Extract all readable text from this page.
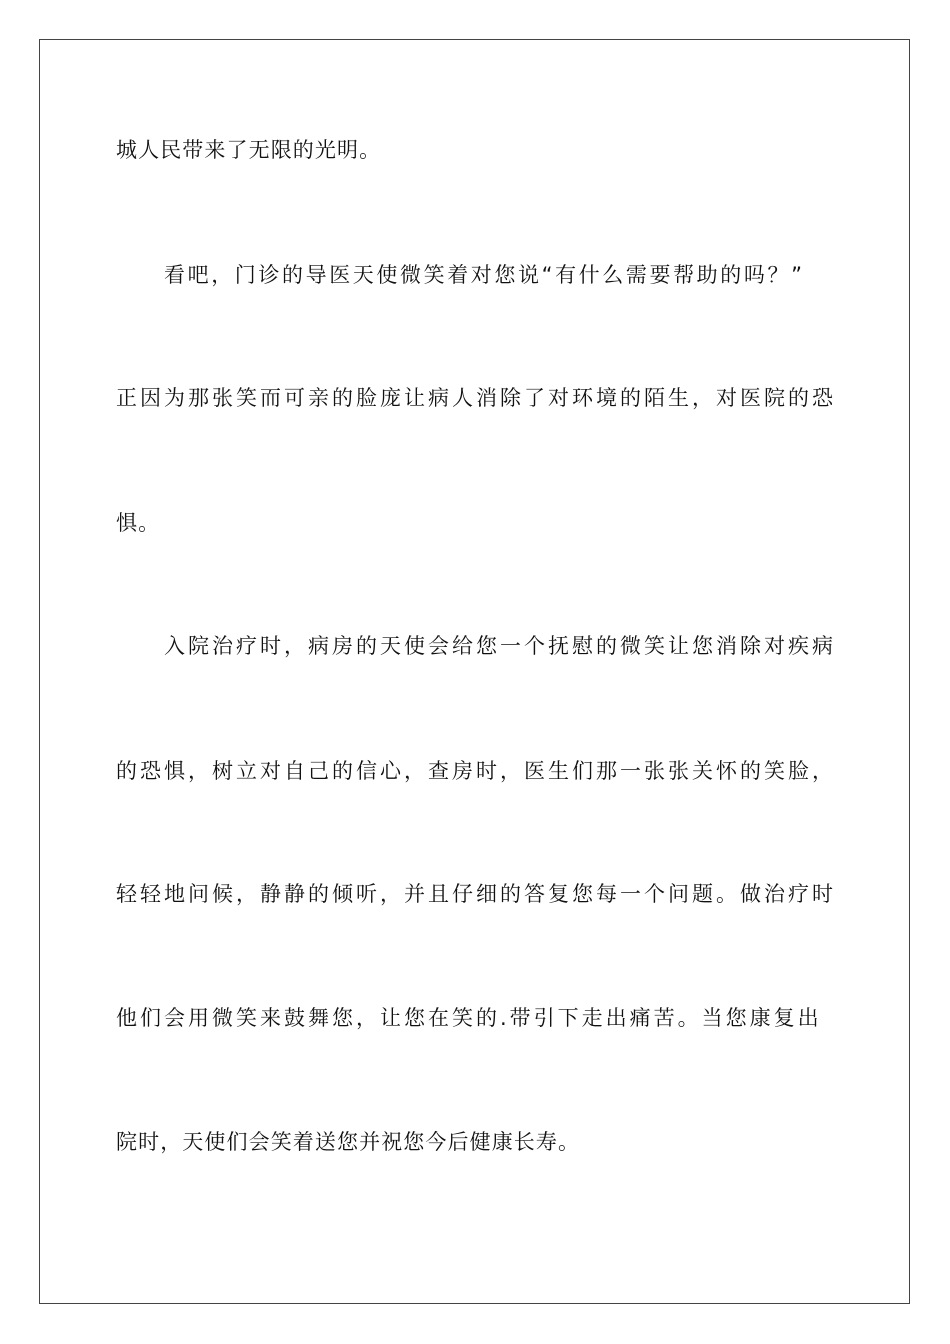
城人民带来了无限的光明。
看吧，门诊的导医天使微笑着对您说“有什么需要帮助的吗？”
正因为那张笑而可亲的脸庞让病人消除了对环境的陌生，对医院的恐
惧。
入院治疗时，病房的天使会给您一个抚慰的微笑让您消除对疾病
的恐惧，树立对自己的信心，查房时，医生们那一张张关怀的笑脸，
轻轻地问候，静静的倾听，并且仔细的答复您每一个问题。做治疗时
他们会用微笑来鼓舞您，让您在笑的.带引下走出痛苦。当您康复出
院时，天使们会笑着送您并祝您今后健康长寿。
